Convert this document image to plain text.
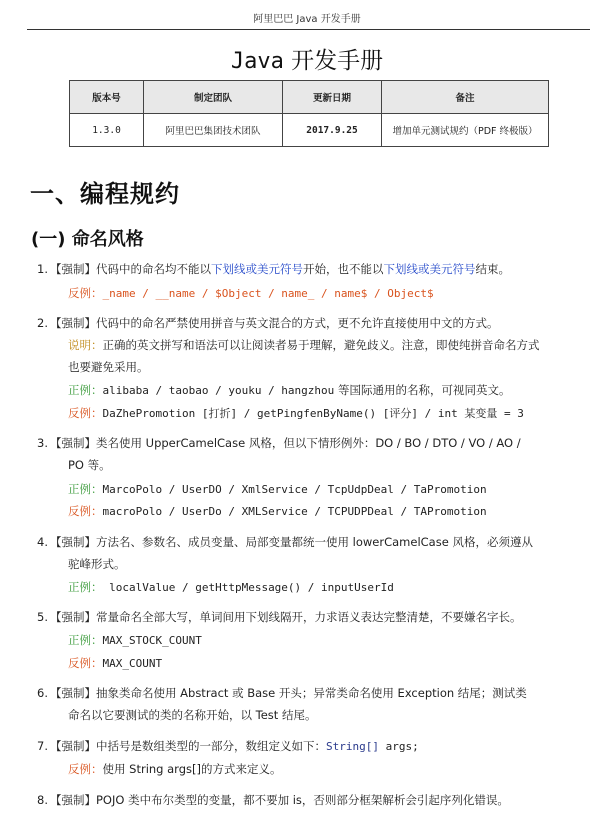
阿里巴巴 Java 开发手册
Java 开发手册
版本号	制定团队	更新日期	备注
1.3.0	阿里巴巴集团技术团队	2017.9.25	增加单元测试规约（PDF 终极版）
一、编程规约
(一) 命名风格
1. 【强制】代码中的命名均不能以下划线或美元符号开始，也不能以下划线或美元符号结束。
反例：_name / __name / $Object / name_ / name$ / Object$
2. 【强制】代码中的命名严禁使用拼音与英文混合的方式，更不允许直接使用中文的方式。
说明：正确的英文拼写和语法可以让阅读者易于理解，避免歧义。注意，即使纯拼音命名方式
也要避免采用。
正例：alibaba / taobao / youku / hangzhou 等国际通用的名称，可视同英文。
反例：DaZhePromotion [打折] / getPingfenByName() [评分] / int 某变量 = 3
3. 【强制】类名使用 UpperCamelCase 风格，但以下情形例外：DO / BO / DTO / VO / AO /
PO 等。
正例：MarcoPolo / UserDO / XmlService / TcpUdpDeal / TaPromotion
反例：macroPolo / UserDo / XMLService / TCPUDPDeal / TAPromotion
4. 【强制】方法名、参数名、成员变量、局部变量都统一使用 lowerCamelCase 风格，必须遵从
驼峰形式。
正例： localValue / getHttpMessage() / inputUserId
5. 【强制】常量命名全部大写，单词间用下划线隔开，力求语义表达完整清楚，不要嫌名字长。
正例：MAX_STOCK_COUNT
反例：MAX_COUNT
6. 【强制】抽象类命名使用 Abstract 或 Base 开头；异常类命名使用 Exception 结尾；测试类
命名以它要测试的类的名称开始，以 Test 结尾。
7. 【强制】中括号是数组类型的一部分，数组定义如下：String[] args;
反例：使用 String args[]的方式来定义。
8. 【强制】POJO 类中布尔类型的变量，都不要加 is，否则部分框架解析会引起序列化错误。
